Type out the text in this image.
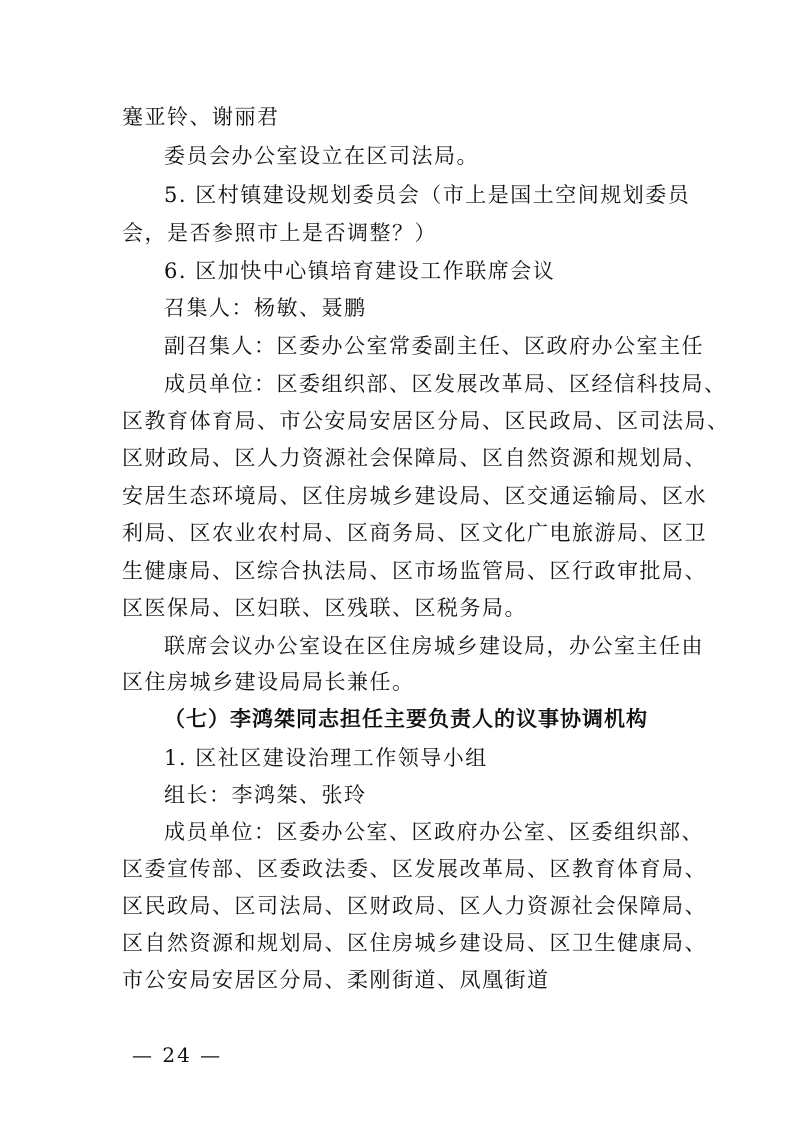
蹇亚铃、谢丽君
委员会办公室设立在区司法局。
5. 区村镇建设规划委员会（市上是国土空间规划委员
会，是否参照市上是否调整？）
6. 区加快中心镇培育建设工作联席会议
召集人：杨敏、聂鹏
副召集人：区委办公室常委副主任、区政府办公室主任
成员单位：区委组织部、区发展改革局、区经信科技局、
区教育体育局、市公安局安居区分局、区民政局、区司法局、
区财政局、区人力资源社会保障局、区自然资源和规划局、
安居生态环境局、区住房城乡建设局、区交通运输局、区水
利局、区农业农村局、区商务局、区文化广电旅游局、区卫
生健康局、区综合执法局、区市场监管局、区行政审批局、
区医保局、区妇联、区残联、区税务局。
联席会议办公室设在区住房城乡建设局，办公室主任由
区住房城乡建设局局长兼任。
（七）李鸿桀同志担任主要负责人的议事协调机构
1. 区社区建设治理工作领导小组
组长：李鸿桀、张玲
成员单位：区委办公室、区政府办公室、区委组织部、
区委宣传部、区委政法委、区发展改革局、区教育体育局、
区民政局、区司法局、区财政局、区人力资源社会保障局、
区自然资源和规划局、区住房城乡建设局、区卫生健康局、
市公安局安居区分局、柔刚街道、凤凰街道
— 24 —
